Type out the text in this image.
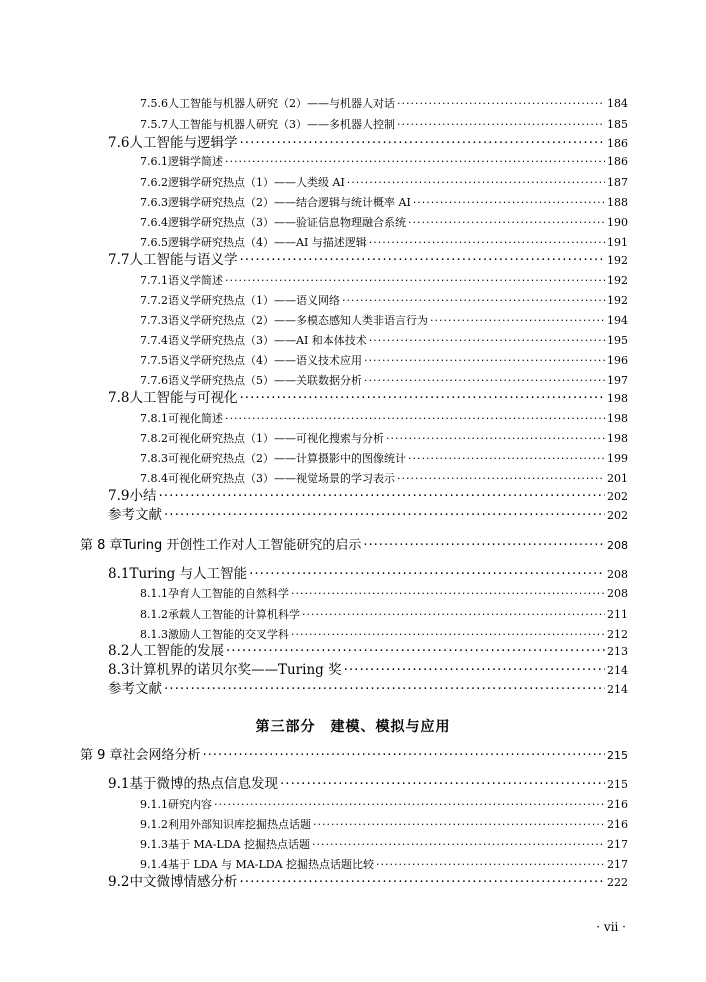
7.5.6 人工智能与机器人研究（2）——与机器人对话 ·····	184
7.5.7 人工智能与机器人研究（3）——多机器人控制 ·····	185
7.6 人工智能与逻辑学 ·····	186
7.6.1 逻辑学简述 ·····	186
7.6.2 逻辑学研究热点（1）——人类级 AI ·····	187
7.6.3 逻辑学研究热点（2）——结合逻辑与统计概率 AI ·····	188
7.6.4 逻辑学研究热点（3）——验证信息物理融合系统 ·····	190
7.6.5 逻辑学研究热点（4）——AI 与描述逻辑 ·····	191
7.7 人工智能与语义学 ·····	192
7.7.1 语义学简述 ·····	192
7.7.2 语义学研究热点（1）——语义网络 ·····	192
7.7.3 语义学研究热点（2）——多模态感知人类非语言行为 ·····	194
7.7.4 语义学研究热点（3）——AI 和本体技术 ·····	195
7.7.5 语义学研究热点（4）——语义技术应用 ·····	196
7.7.6 语义学研究热点（5）——关联数据分析 ·····	197
7.8 人工智能与可视化 ·····	198
7.8.1 可视化简述 ·····	198
7.8.2 可视化研究热点（1）——可视化搜索与分析 ·····	198
7.8.3 可视化研究热点（2）——计算摄影中的图像统计 ·····	199
7.8.4 可视化研究热点（3）——视觉场景的学习表示 ·····	201
7.9 小结 ·····	202
参考文献 ·····	202
第 8 章 Turing 开创性工作对人工智能研究的启示 ·····	208
8.1 Turing 与人工智能 ·····	208
8.1.1 孕育人工智能的自然科学 ·····	208
8.1.2 承载人工智能的计算机科学 ·····	211
8.1.3 激励人工智能的交叉学科 ·····	212
8.2 人工智能的发展 ·····	213
8.3 计算机界的诺贝尔奖——Turing 奖 ·····	214
参考文献 ·····	214
第 9 章 社会网络分析 ·····	215
9.1 基于微博的热点信息发现 ·····	215
9.1.1 研究内容 ·····	216
9.1.2 利用外部知识库挖掘热点话题 ·····	216
9.1.3 基于 MA-LDA 挖掘热点话题 ·····	217
9.1.4 基于 LDA 与 MA-LDA 挖掘热点话题比较 ·····	217
9.2 中文微博情感分析 ·····	222
第三部分　建模、模拟与应用
· vii ·
